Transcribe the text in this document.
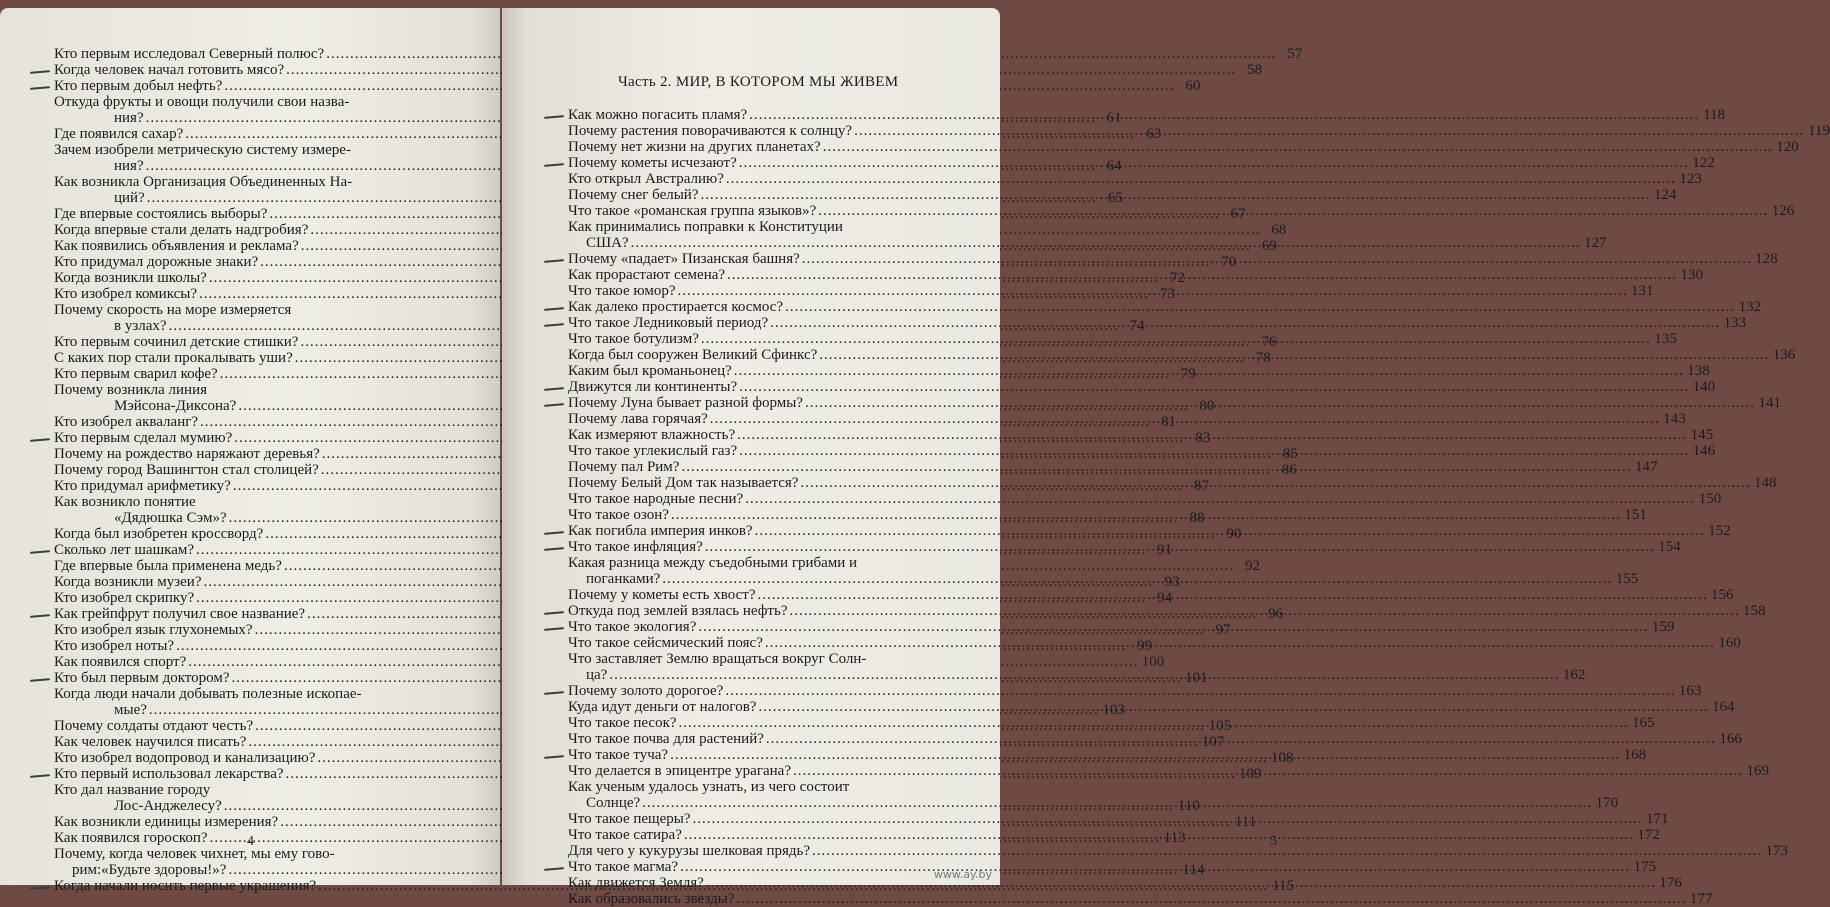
Кто первым исследовал Северный полюс? .....	57
Когда человек начал готовить мясо? .....	58
Кто первым добыл нефть? .....	60
Откуда фрукты и овощи получили свои назва-
ния? .....	61
Где появился сахар? .....	63
Зачем изобрели метрическую систему измере-
ния? .....	64
Как возникла Организация Объединенных На-
ций? .....	65
Где впервые состоялись выборы? .....	67
Когда впервые стали делать надгробия? .....	68
Как появились объявления и реклама? .....	69
Кто придумал дорожные знаки? .....	70
Когда возникли школы? .....	72
Кто изобрел комиксы? .....	73
Почему скорость на море измеряется
в узлах? .....	74
Кто первым сочинил детские стишки? .....	76
С каких пор стали прокалывать уши? .....	78
Кто первым сварил кофе? .....	79
Почему возникла линия
Мэйсона-Диксона? .....	80
Кто изобрел акваланг? .....	81
Кто первым сделал мумию? .....	83
Почему на рождество наряжают деревья? .....	85
Почему город Вашингтон стал столицей? .....	86
Кто придумал арифметику? .....	87
Как возникло понятие
«Дядюшка Сэм»? .....	88
Когда был изобретен кроссворд? .....	90
Сколько лет шашкам? .....	91
Где впервые была применена медь? .....	92
Когда возникли музеи? .....	93
Кто изобрел скрипку? .....	94
Как грейпфрут получил свое название? .....	96
Кто изобрел язык глухонемых? .....	97
Кто изобрел ноты? .....	99
Как появился спорт? .....	100
Кто был первым доктором? .....	101
Когда люди начали добывать полезные ископае-
мые? .....	103
Почему солдаты отдают честь? .....	105
Как человек научился писать? .....	107
Кто изобрел водопровод и канализацию? .....	108
Кто первый использовал лекарства? .....	109
Кто дал название городу
Лос-Анджелесу? .....	110
Как возникли единицы измерения? .....	111
Как появился гороскоп? .....	113
Почему, когда человек чихнет, мы ему гово-
рим:«Будьте здоровы!»? .....	114
Когда начали носить первые украшения? .....	115
4
Часть 2. МИР, В КОТОРОМ МЫ ЖИВЕМ
Как можно погасить пламя? .....	118
Почему растения поворачиваются к солнцу? .....	119
Почему нет жизни на других планетах? .....	120
Почему кометы исчезают? .....	122
Кто открыл Австралию? .....	123
Почему снег белый? .....	124
Что такое «романская группа языков»? .....	126
Как принимались поправки к Конституции
США? .....	127
Почему «падает» Пизанская башня? .....	128
Как прорастают семена? .....	130
Что такое юмор? .....	131
Как далеко простирается космос? .....	132
Что такое Ледниковый период? .....	133
Что такое ботулизм? .....	135
Когда был сооружен Великий Сфинкс? .....	136
Каким был кроманьонец? .....	138
Движутся ли континенты? .....	140
Почему Луна бывает разной формы? .....	141
Почему лава горячая? .....	143
Как измеряют влажность? .....	145
Что такое углекислый газ? .....	146
Почему пал Рим? .....	147
Почему Белый Дом так называется? .....	148
Что такое народные песни? .....	150
Что такое озон? .....	151
Как погибла империя инков? .....	152
Что такое инфляция? .....	154
Какая разница между съедобными грибами и
поганками? .....	155
Почему у кометы есть хвост? .....	156
Откуда под землей взялась нефть? .....	158
Что такое экология? .....	159
Что такое сейсмический пояс? .....	160
Что заставляет Землю вращаться вокруг Солн-
ца? .....	162
Почему золото дорогое? .....	163
Куда идут деньги от налогов? .....	164
Что такое песок? .....	165
Что такое почва для растений? .....	166
Что такое туча? .....	168
Что делается в эпицентре урагана? .....	169
Как ученым удалось узнать, из чего состоит
Солнце? .....	170
Что такое пещеры? .....	171
Что такое сатира? .....	172
Для чего у кукурузы шелковая прядь? .....	173
Что такое магма? .....	175
Как движется Земля? .....	176
Как образовались звезды? .....	177
5
www.ay.by
